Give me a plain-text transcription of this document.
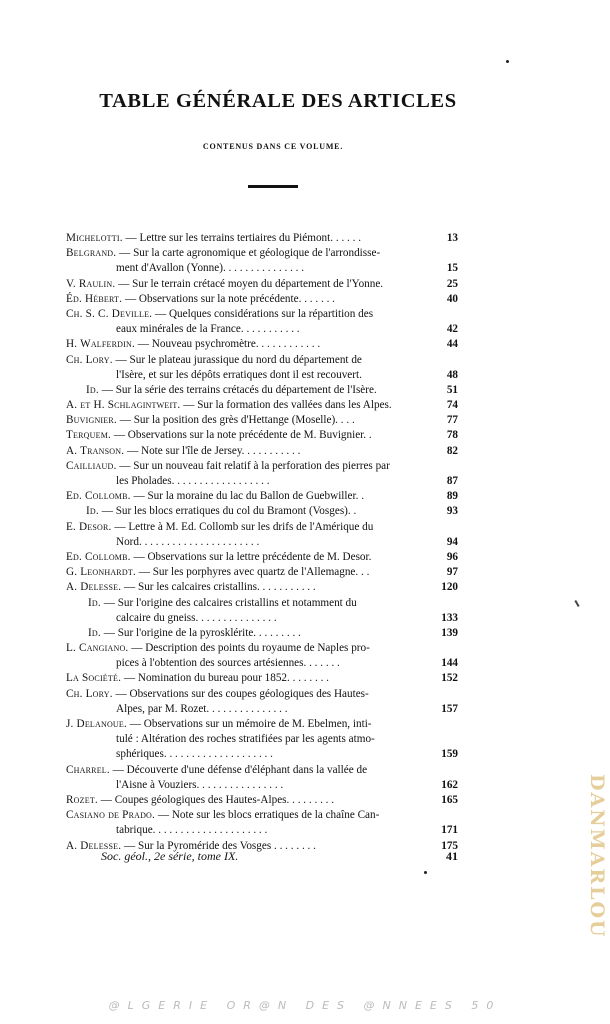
TABLE GÉNÉRALE DES ARTICLES
CONTENUS DANS CE VOLUME.
Michelotti. — Lettre sur les terrains tertiaires du Piémont. . . . . .	13
Belgrand. — Sur la carte agronomique et géologique de l'arrondisse-
ment d'Avallon (Yonne). . . . . . . . . . . . . . .	15
V. Raulin. — Sur le terrain crétacé moyen du département de l'Yonne.	25
Éd. Hébert. — Observations sur la note précédente. . . . . . .	40
Ch. S. C. Deville. — Quelques considérations sur la répartition des
eaux minérales de la France. . . . . . . . . . .	42
H. Walferdin. — Nouveau psychromètre. . . . . . . . . . . .	44
Ch. Lory. — Sur le plateau jurassique du nord du département de
l'Isère, et sur les dépôts erratiques dont il est recouvert.	48
Id. — Sur la série des terrains crétacés du département de l'Isère.	51
A. et H. Schlagintweit. — Sur la formation des vallées dans les Alpes.	74
Buvignier. — Sur la position des grès d'Hettange (Moselle). . . .	77
Terquem. — Observations sur la note précédente de M. Buvignier. .	78
A. Transon. — Note sur l'île de Jersey. . . . . . . . . . .	82
Cailliaud. — Sur un nouveau fait relatif à la perforation des pierres par
les Pholades. . . . . . . . . . . . . . . . . .	87
Ed. Collomb. — Sur la moraine du lac du Ballon de Guebwiller. .	89
Id. — Sur les blocs erratiques du col du Bramont (Vosges). .	93
E. Desor. — Lettre à M. Ed. Collomb sur les drifs de l'Amérique du
Nord. . . . . . . . . . . . . . . . . . . . . .	94
Ed. Collomb. — Observations sur la lettre précédente de M. Desor.	96
G. Leonhardt. — Sur les porphyres avec quartz de l'Allemagne. . .	97
A. Delesse. — Sur les calcaires cristallins. . . . . . . . . . .	120
Id. — Sur l'origine des calcaires cristallins et notamment du
calcaire du gneiss. . . . . . . . . . . . . . .	133
Id. — Sur l'origine de la pyrosklérite. . . . . . . . .	139
L. Cangiano. — Description des points du royaume de Naples pro-
pices à l'obtention des sources artésiennes. . . . . . .	144
La Société. — Nomination du bureau pour 1852. . . . . . . .	152
Ch. Lory. — Observations sur des coupes géologiques des Hautes-
Alpes, par M. Rozet. . . . . . . . . . . . . . .	157
J. Delanoue. — Observations sur un mémoire de M. Ebelmen, inti-
tulé : Altération des roches stratifiées par les agents atmo-
sphériques. . . . . . . . . . . . . . . . . . . .	159
Charrel. — Découverte d'une défense d'éléphant dans la vallée de
l'Aisne à Vouziers. . . . . . . . . . . . . . . .	162
Rozet. — Coupes géologiques des Hautes-Alpes. . . . . . . . .	165
Casiano de Prado. — Note sur les blocs erratiques de la chaîne Can-
tabrique. . . . . . . . . . . . . . . . . . . . .	171
A. Delesse. — Sur la Pyroméride des Vosges . . . . . . . .	175
Soc. géol., 2e série, tome IX.	41
@LGERIE OR@N DES @NNEES 50
DANMARLOU
